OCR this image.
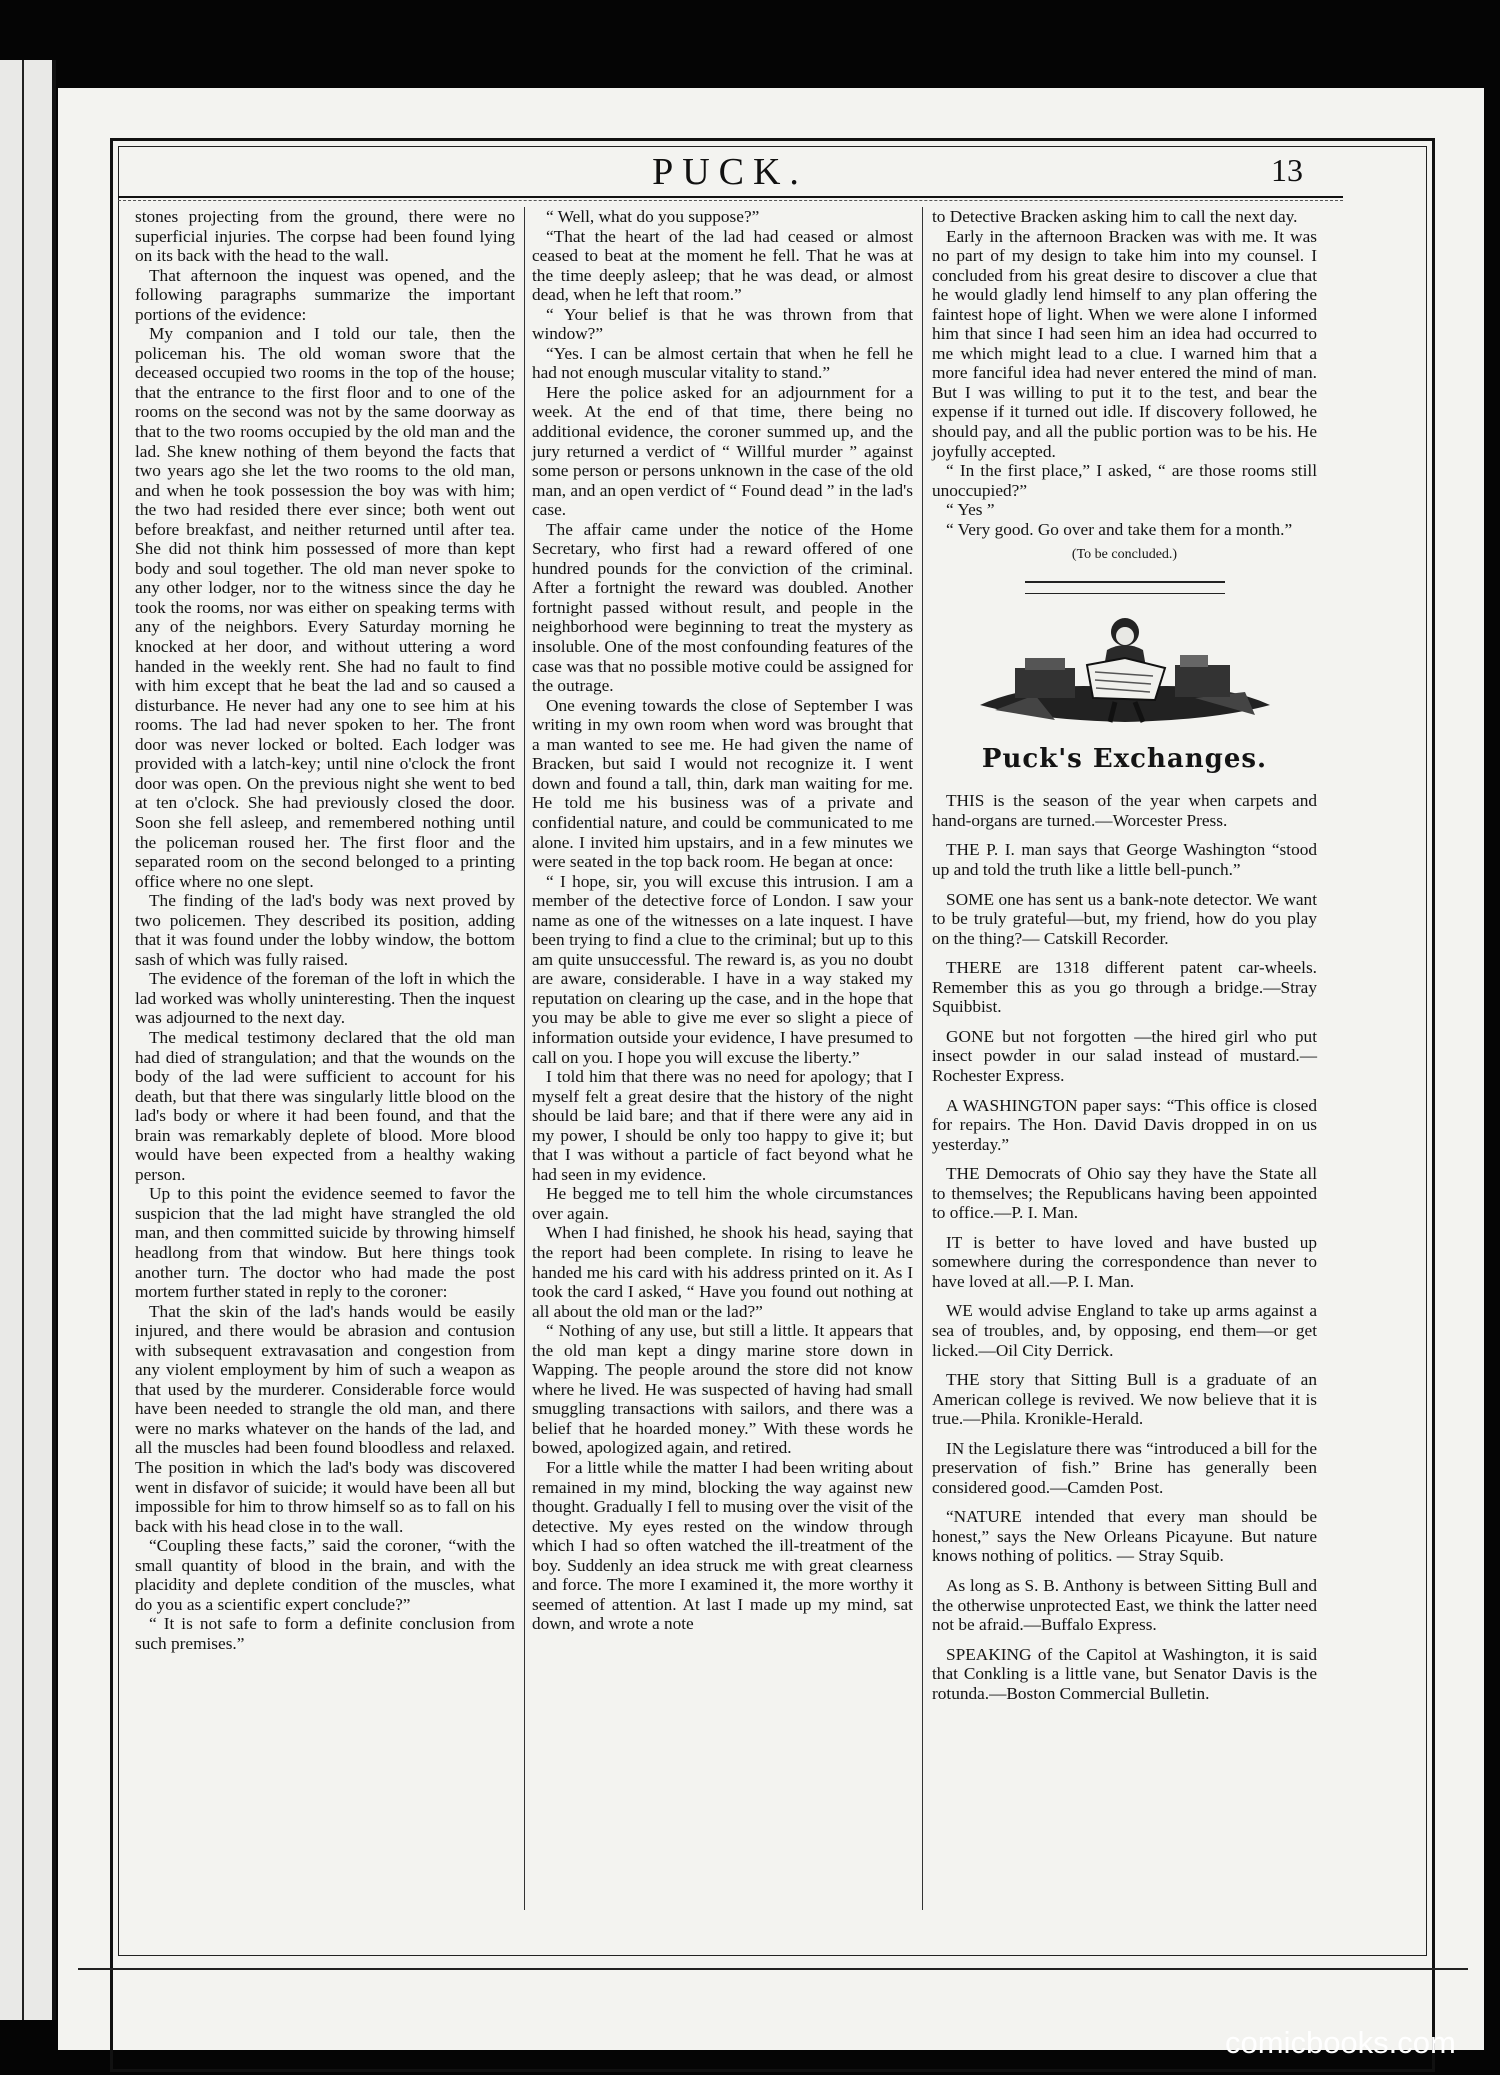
PUCK.	13

stones projecting from the ground, there were no superficial injuries. The corpse had been found lying on its back with the head to the wall.

That afternoon the inquest was opened, and the following paragraphs summarize the important portions of the evidence:

My companion and I told our tale, then the policeman his. The old woman swore that the deceased occupied two rooms in the top of the house; that the entrance to the first floor and to one of the rooms on the second was not by the same doorway as that to the two rooms occupied by the old man and the lad. She knew nothing of them beyond the facts that two years ago she let the two rooms to the old man, and when he took possession the boy was with him; the two had resided there ever since; both went out before breakfast, and neither returned until after tea. She did not think him possessed of more than kept body and soul together. The old man never spoke to any other lodger, nor to the witness since the day he took the rooms, nor was either on speaking terms with any of the neighbors. Every Saturday morning he knocked at her door, and without uttering a word handed in the weekly rent. She had no fault to find with him except that he beat the lad and so caused a disturbance. He never had any one to see him at his rooms. The lad had never spoken to her. The front door was never locked or bolted. Each lodger was provided with a latch-key; until nine o'clock the front door was open. On the previous night she went to bed at ten o'clock. She had previously closed the door. Soon she fell asleep, and remembered nothing until the policeman roused her. The first floor and the separated room on the second belonged to a printing office where no one slept.

The finding of the lad's body was next proved by two policemen. They described its position, adding that it was found under the lobby window, the bottom sash of which was fully raised.

The evidence of the foreman of the loft in which the lad worked was wholly uninteresting. Then the inquest was adjourned to the next day.

The medical testimony declared that the old man had died of strangulation; and that the wounds on the body of the lad were sufficient to account for his death, but that there was singularly little blood on the lad's body or where it had been found, and that the brain was remarkably deplete of blood. More blood would have been expected from a healthy waking person.

Up to this point the evidence seemed to favor the suspicion that the lad might have strangled the old man, and then committed suicide by throwing himself headlong from that window. But here things took another turn. The doctor who had made the post mortem further stated in reply to the coroner:

That the skin of the lad's hands would be easily injured, and there would be abrasion and contusion with subsequent extravasation and congestion from any violent employment by him of such a weapon as that used by the murderer. Considerable force would have been needed to strangle the old man, and there were no marks whatever on the hands of the lad, and all the muscles had been found bloodless and relaxed. The position in which the lad's body was discovered went in disfavor of suicide; it would have been all but impossible for him to throw himself so as to fall on his back with his head close in to the wall.

“Coupling these facts,” said the coroner, “with the small quantity of blood in the brain, and with the placidity and deplete condition of the muscles, what do you as a scientific expert conclude?”

“ It is not safe to form a definite conclusion from such premises.”

“ Well, what do you suppose?”

“That the heart of the lad had ceased or almost ceased to beat at the moment he fell. That he was at the time deeply asleep; that he was dead, or almost dead, when he left that room.”

“ Your belief is that he was thrown from that window?”

“Yes. I can be almost certain that when he fell he had not enough muscular vitality to stand.”

Here the police asked for an adjournment for a week. At the end of that time, there being no additional evidence, the coroner summed up, and the jury returned a verdict of “ Willful murder ” against some person or persons unknown in the case of the old man, and an open verdict of “ Found dead ” in the lad's case.

The affair came under the notice of the Home Secretary, who first had a reward offered of one hundred pounds for the conviction of the criminal. After a fortnight the reward was doubled. Another fortnight passed without result, and people in the neighborhood were beginning to treat the mystery as insoluble. One of the most confounding features of the case was that no possible motive could be assigned for the outrage.

One evening towards the close of September I was writing in my own room when word was brought that a man wanted to see me. He had given the name of Bracken, but said I would not recognize it. I went down and found a tall, thin, dark man waiting for me. He told me his business was of a private and confidential nature, and could be communicated to me alone. I invited him upstairs, and in a few minutes we were seated in the top back room. He began at once:

“ I hope, sir, you will excuse this intrusion. I am a member of the detective force of London. I saw your name as one of the witnesses on a late inquest. I have been trying to find a clue to the criminal; but up to this am quite unsuccessful. The reward is, as you no doubt are aware, considerable. I have in a way staked my reputation on clearing up the case, and in the hope that you may be able to give me ever so slight a piece of information outside your evidence, I have presumed to call on you. I hope you will excuse the liberty.”

I told him that there was no need for apology; that I myself felt a great desire that the history of the night should be laid bare; and that if there were any aid in my power, I should be only too happy to give it; but that I was without a particle of fact beyond what he had seen in my evidence.

He begged me to tell him the whole circumstances over again.

When I had finished, he shook his head, saying that the report had been complete. In rising to leave he handed me his card with his address printed on it. As I took the card I asked, “ Have you found out nothing at all about the old man or the lad?”

“ Nothing of any use, but still a little. It appears that the old man kept a dingy marine store down in Wapping. The people around the store did not know where he lived. He was suspected of having had small smuggling transactions with sailors, and there was a belief that he hoarded money.” With these words he bowed, apologized again, and retired.

For a little while the matter I had been writing about remained in my mind, blocking the way against new thought. Gradually I fell to musing over the visit of the detective. My eyes rested on the window through which I had so often watched the ill-treatment of the boy. Suddenly an idea struck me with great clearness and force. The more I examined it, the more worthy it seemed of attention. At last I made up my mind, sat down, and wrote a note

to Detective Bracken asking him to call the next day.

Early in the afternoon Bracken was with me. It was no part of my design to take him into my counsel. I concluded from his great desire to discover a clue that he would gladly lend himself to any plan offering the faintest hope of light. When we were alone I informed him that since I had seen him an idea had occurred to me which might lead to a clue. I warned him that a more fanciful idea had never entered the mind of man. But I was willing to put it to the test, and bear the expense if it turned out idle. If discovery followed, he should pay, and all the public portion was to be his. He joyfully accepted.

“ In the first place,” I asked, “ are those rooms still unoccupied?”

“ Yes ”

“ Very good. Go over and take them for a month.”

(To be concluded.)
Puck's Exchanges.

THIS is the season of the year when carpets and hand-organs are turned.—Worcester Press.

THE P. I. man says that George Washington “stood up and told the truth like a little bell-punch.”

SOME one has sent us a bank-note detector. We want to be truly grateful—but, my friend, how do you play on the thing?— Catskill Recorder.

THERE are 1318 different patent car-wheels. Remember this as you go through a bridge.—Stray Squibbist.

GONE but not forgotten —the hired girl who put insect powder in our salad instead of mustard.—Rochester Express.

A WASHINGTON paper says: “This office is closed for repairs. The Hon. David Davis dropped in on us yesterday.”

THE Democrats of Ohio say they have the State all to themselves; the Republicans having been appointed to office.—P. I. Man.

IT is better to have loved and have busted up somewhere during the correspondence than never to have loved at all.—P. I. Man.

WE would advise England to take up arms against a sea of troubles, and, by opposing, end them—or get licked.—Oil City Derrick.

THE story that Sitting Bull is a graduate of an American college is revived. We now believe that it is true.—Phila. Kronikle-Herald.

IN the Legislature there was “introduced a bill for the preservation of fish.” Brine has generally been considered good.—Camden Post.

“NATURE intended that every man should be honest,” says the New Orleans Picayune. But nature knows nothing of politics. — Stray Squib.

As long as S. B. Anthony is between Sitting Bull and the otherwise unprotected East, we think the latter need not be afraid.—Buffalo Express.

SPEAKING of the Capitol at Washington, it is said that Conkling is a little vane, but Senator Davis is the rotunda.—Boston Commercial Bulletin.

comicbooks.com
